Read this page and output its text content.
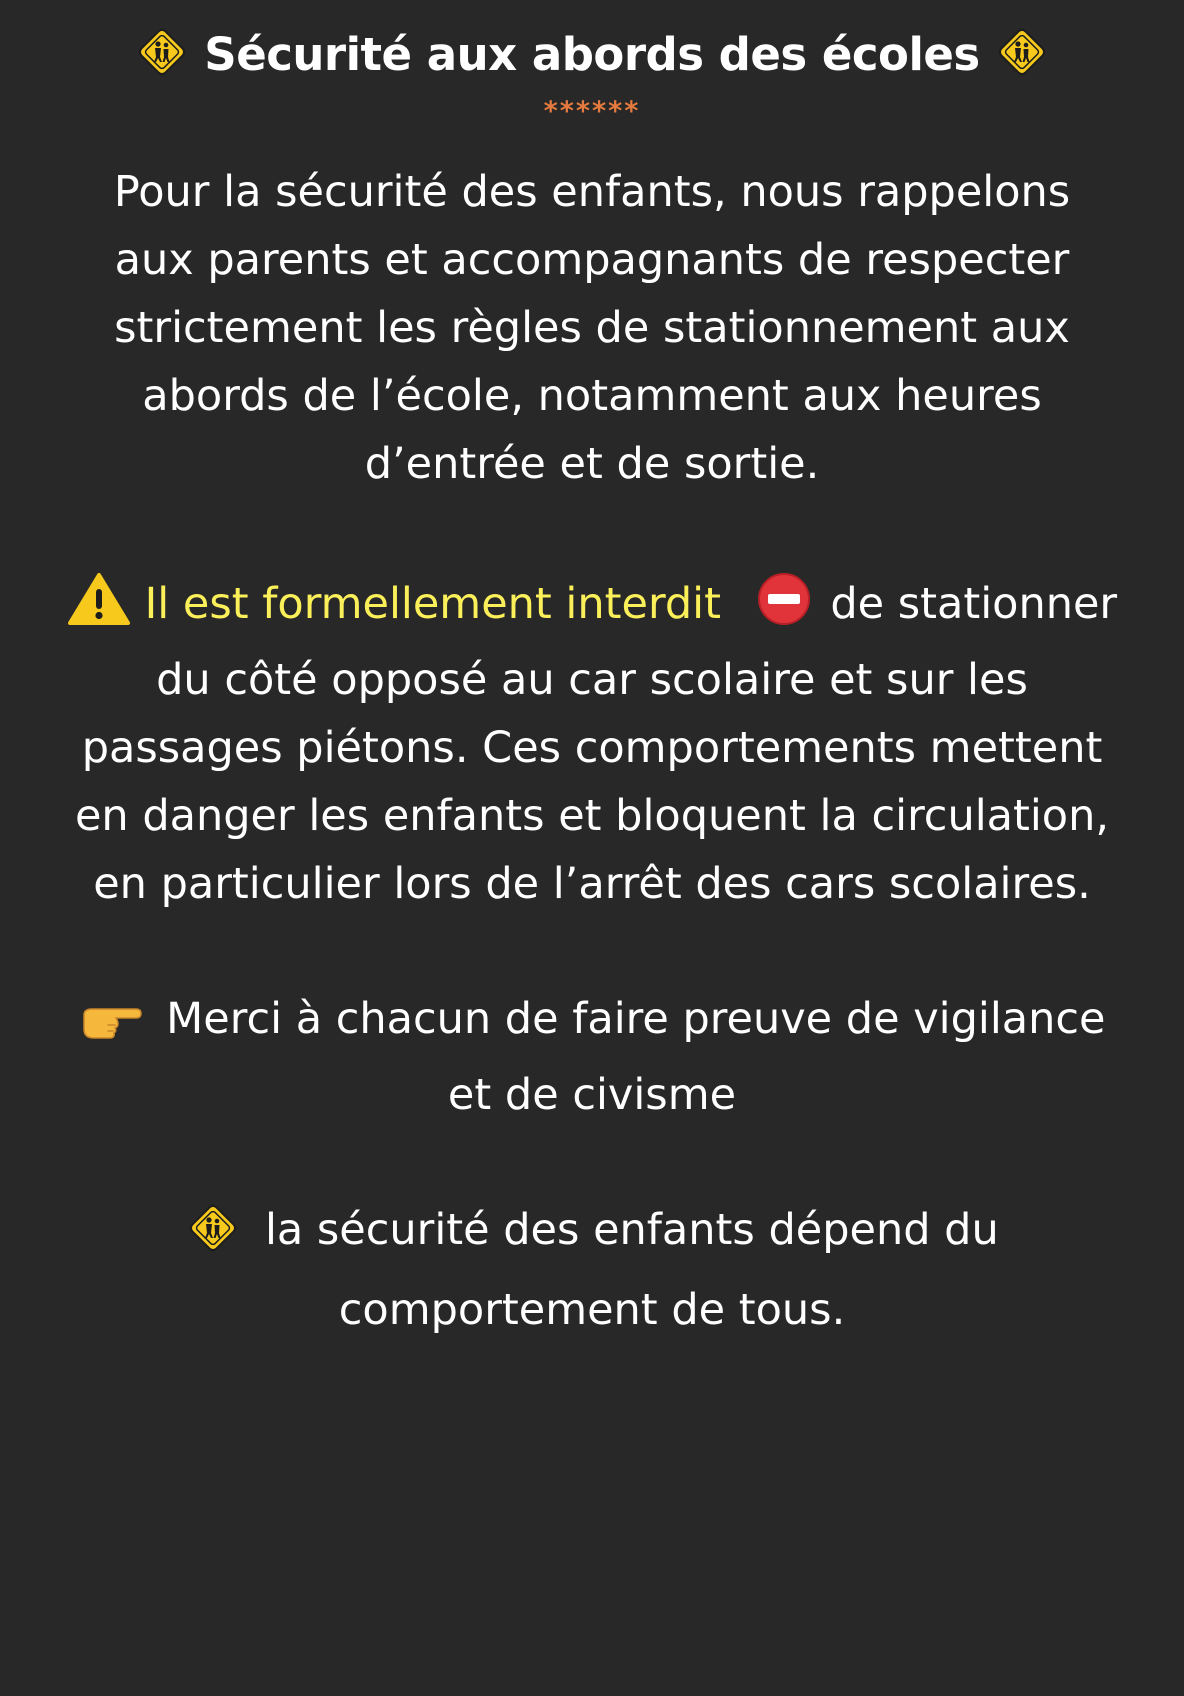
Sécurité aux abords des écoles
******
Pour la sécurité des enfants, nous rappelons
aux parents et accompagnants de respecter
strictement les règles de stationnement aux
abords de l’école, notamment aux heures
d’entrée et de sortie.
Il est formellement interdit	de stationner
du côté opposé au car scolaire et sur les
passages piétons. Ces comportements mettent
en danger les enfants et bloquent la circulation,
en particulier lors de l’arrêt des cars scolaires.
Merci à chacun de faire preuve de vigilance
et de civisme
la sécurité des enfants dépend du
comportement de tous.
